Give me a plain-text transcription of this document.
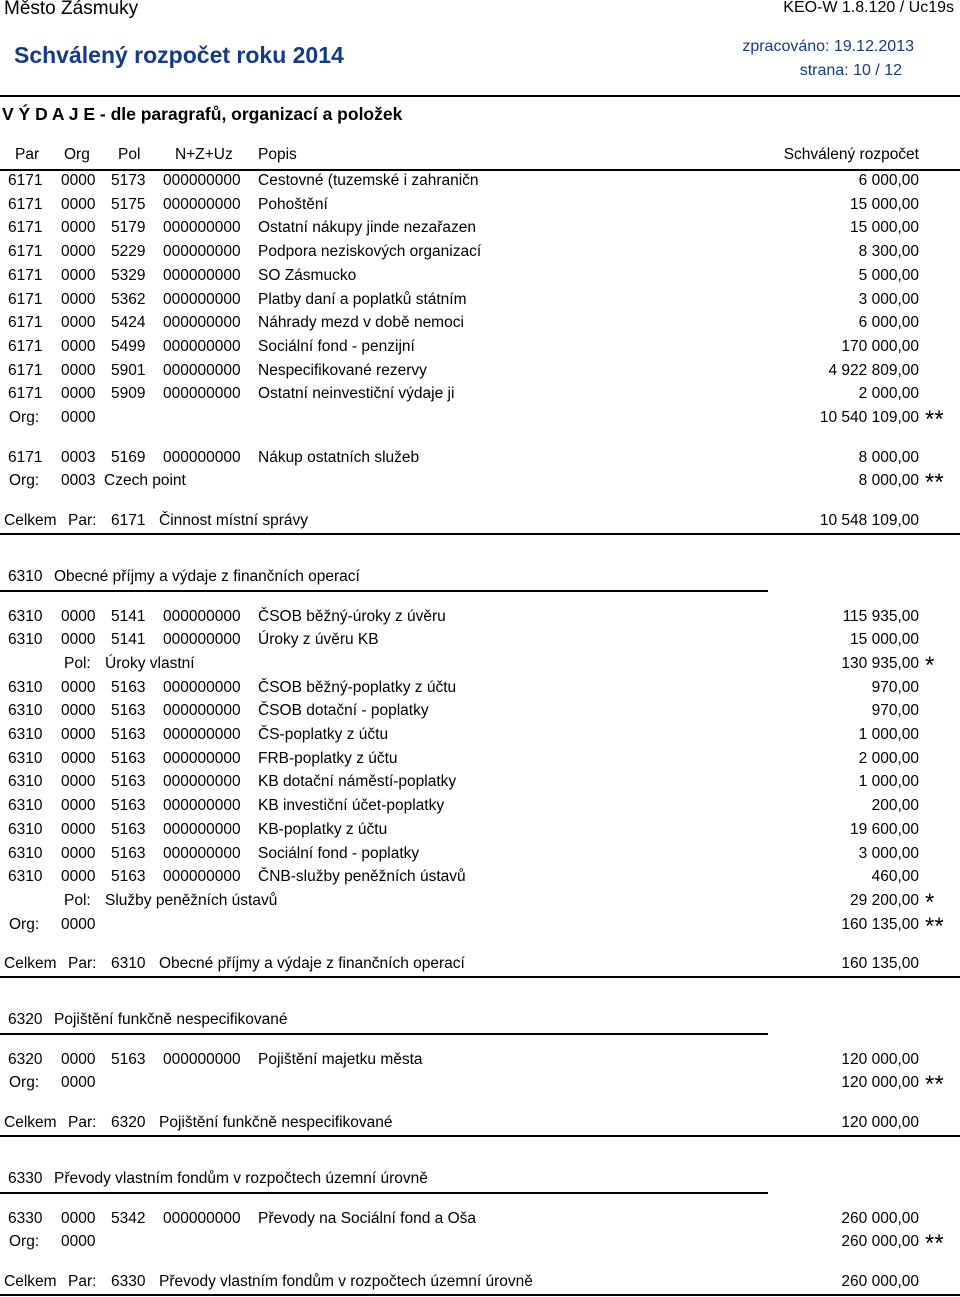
Město Zásmuky	KEO-W 1.8.120 / Uc19s
Schválený rozpočet roku 2014	zpracováno: 19.12.2013
strana: 10 / 12
V Ý D A J E - dle paragrafů, organizací a položek
Par Org Pol N+Z+Uz Popis	Schválený rozpočet
6171 0000 5173 000000000 Cestovné (tuzemské i zahraničn	6 000,00
6171 0000 5175 000000000 Pohoštění	15 000,00
6171 0000 5179 000000000 Ostatní nákupy jinde nezařazen	15 000,00
6171 0000 5229 000000000 Podpora neziskových organizací	8 300,00
6171 0000 5329 000000000 SO Zásmucko	5 000,00
6171 0000 5362 000000000 Platby daní a poplatků státním	3 000,00
6171 0000 5424 000000000 Náhrady mezd v době nemoci	6 000,00
6171 0000 5499 000000000 Sociální fond - penzijní	170 000,00
6171 0000 5901 000000000 Nespecifikované rezervy	4 922 809,00
6171 0000 5909 000000000 Ostatní neinvestiční výdaje ji	2 000,00
Org: 0000	10 540 109,00 **
6171 0003 5169 000000000 Nákup ostatních služeb	8 000,00
Org: 0003 Czech point	8 000,00 **
Celkem Par: 6171 Činnost místní správy	10 548 109,00
6310 Obecné příjmy a výdaje z finančních operací
6310 0000 5141 000000000 ČSOB běžný-úroky z úvěru	115 935,00
6310 0000 5141 000000000 Úroky z úvěru KB	15 000,00
Pol: Úroky vlastní	130 935,00 *
6310 0000 5163 000000000 ČSOB běžný-poplatky z účtu	970,00
6310 0000 5163 000000000 ČSOB dotační - poplatky	970,00
6310 0000 5163 000000000 ČS-poplatky z účtu	1 000,00
6310 0000 5163 000000000 FRB-poplatky z účtu	2 000,00
6310 0000 5163 000000000 KB dotační náměstí-poplatky	1 000,00
6310 0000 5163 000000000 KB investiční účet-poplatky	200,00
6310 0000 5163 000000000 KB-poplatky z účtu	19 600,00
6310 0000 5163 000000000 Sociální fond - poplatky	3 000,00
6310 0000 5163 000000000 ČNB-služby peněžních ústavů	460,00
Pol: Služby peněžních ústavů	29 200,00 *
Org: 0000	160 135,00 **
Celkem Par: 6310 Obecné příjmy a výdaje z finančních operací	160 135,00
6320 Pojištění funkčně nespecifikované
6320 0000 5163 000000000 Pojištění majetku města	120 000,00
Org: 0000	120 000,00 **
Celkem Par: 6320 Pojištění funkčně nespecifikované	120 000,00
6330 Převody vlastním fondům v rozpočtech územní úrovně
6330 0000 5342 000000000 Převody na Sociální fond a Oša	260 000,00
Org: 0000	260 000,00 **
Celkem Par: 6330 Převody vlastním fondům v rozpočtech územní úrovně	260 000,00
